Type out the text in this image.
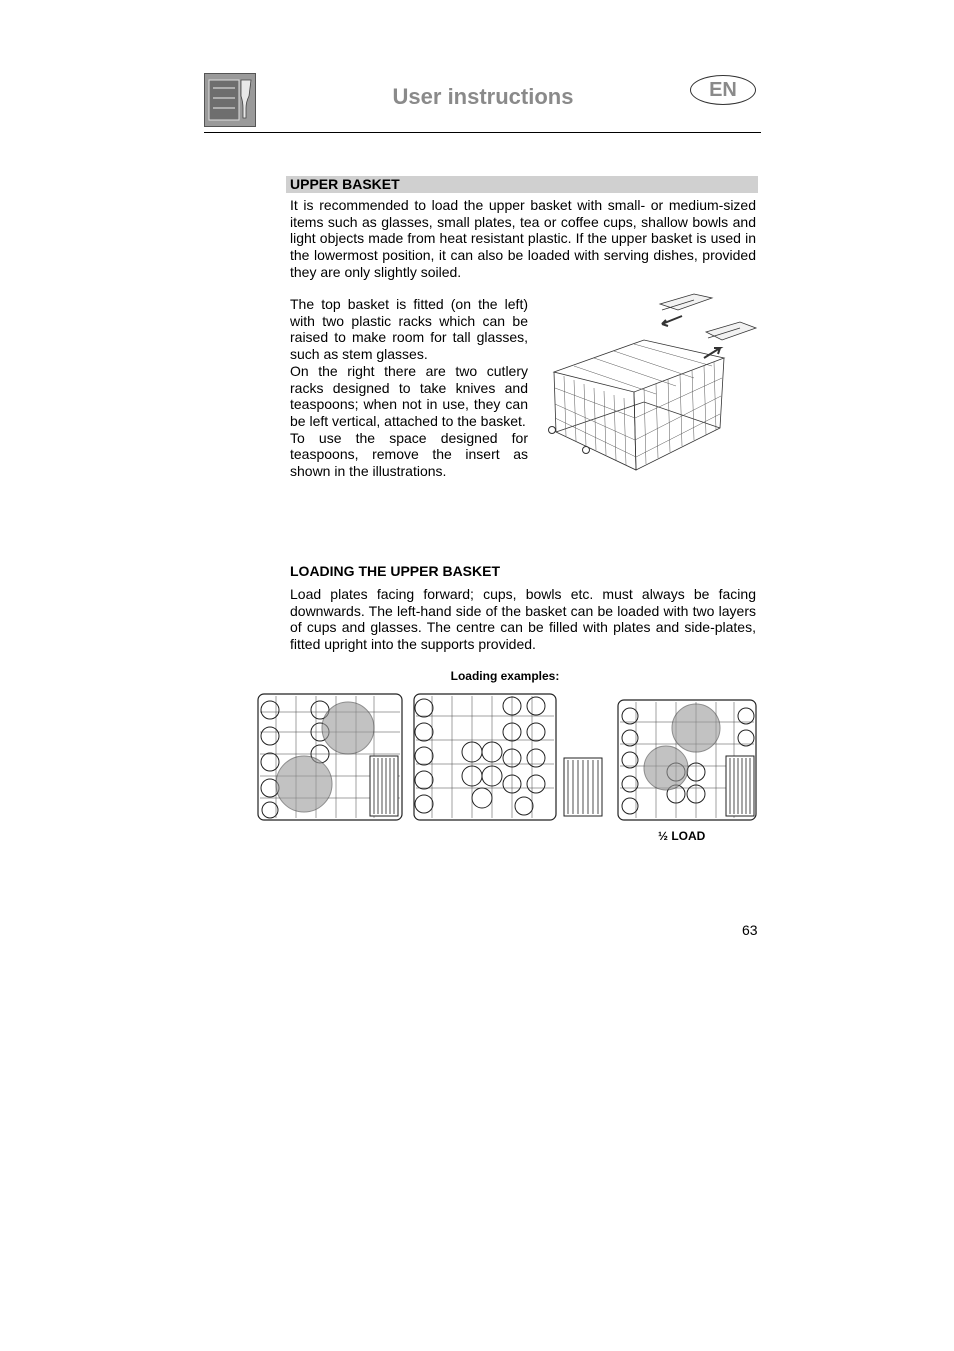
User instructions	EN
UPPER BASKET
It is recommended to load the upper basket with small- or medium-sized items such as glasses, small plates, tea or coffee cups, shallow bowls and light objects made from heat resistant plastic. If the upper basket is used in the lowermost position, it can also be loaded with serving dishes, provided they are only slightly soiled.
The top basket is fitted (on the left) with two plastic racks which can be raised to make room for tall glasses, such as stem glasses.
On the right there are two cutlery racks designed to take knives and teaspoons; when not in use, they can be left vertical, attached to the basket.
To use the space designed for teaspoons, remove the insert as shown in the illustrations.
LOADING THE UPPER BASKET
Load plates facing forward; cups, bowls etc. must always be facing downwards. The left-hand side of the basket can be loaded with two layers of cups and glasses. The centre can be filled with plates and side-plates, fitted upright into the supports provided.
Loading examples:
½ LOAD
63
